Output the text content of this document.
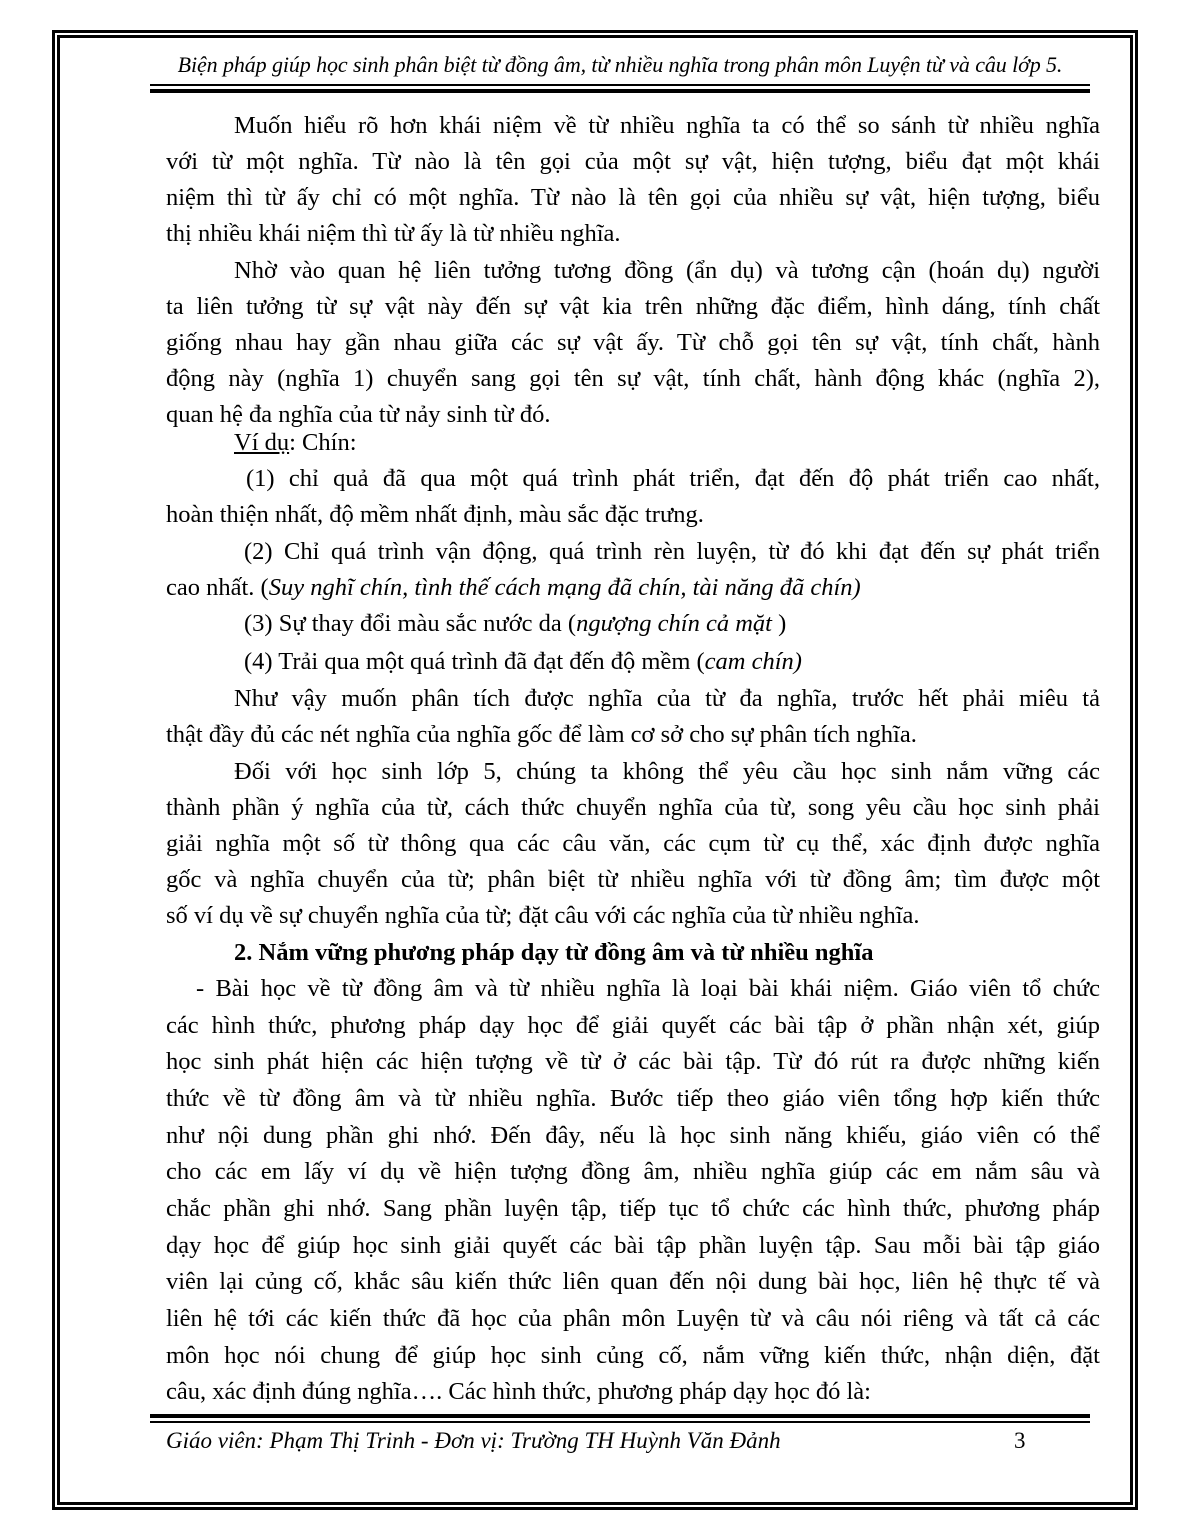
Biện pháp giúp học sinh phân biệt từ đồng âm, từ nhiều nghĩa trong phân môn Luyện từ và câu lớp 5.
Muốn hiểu rõ hơn khái niệm về từ nhiều nghĩa ta có thể so sánh từ nhiều nghĩa
với từ một nghĩa. Từ nào là tên gọi của một sự vật, hiện tượng, biểu đạt một khái
niệm thì từ ấy chỉ có một nghĩa. Từ nào là tên gọi của nhiều sự vật, hiện tượng, biểu
thị nhiều khái niệm thì từ ấy là từ nhiều nghĩa.
Nhờ vào quan hệ liên tưởng tương đồng (ẩn dụ) và tương cận (hoán dụ) người
ta liên tưởng từ sự vật này đến sự vật kia trên những đặc điểm, hình dáng, tính chất
giống nhau hay gần nhau giữa các sự vật ấy. Từ chỗ gọi tên sự vật, tính chất, hành
động này (nghĩa 1) chuyển sang gọi tên sự vật, tính chất, hành động khác (nghĩa 2),
quan hệ đa nghĩa của từ nảy sinh từ đó.
Ví dụ: Chín:
(1) chỉ quả đã qua một quá trình phát triển, đạt đến độ phát triển cao nhất,
hoàn thiện nhất, độ mềm nhất định, màu sắc đặc trưng.
(2) Chỉ quá trình vận động, quá trình rèn luyện, từ đó khi đạt đến sự phát triển
cao nhất. (Suy nghĩ chín, tình thế cách mạng đã chín, tài năng đã chín)
(3) Sự thay đổi màu sắc nước da (ngượng chín cả mặt )
(4) Trải qua một quá trình đã đạt đến độ mềm (cam chín)
Như vậy muốn phân tích được nghĩa của từ đa nghĩa, trước hết phải miêu tả
thật đầy đủ các nét nghĩa của nghĩa gốc để làm cơ sở cho sự phân tích nghĩa.
Đối với học sinh lớp 5, chúng ta không thể yêu cầu học sinh nắm vững các
thành phần ý nghĩa của từ, cách thức chuyển nghĩa của từ, song yêu cầu học sinh phải
giải nghĩa một số từ thông qua các câu văn, các cụm từ cụ thể, xác định được nghĩa
gốc và nghĩa chuyển của từ; phân biệt từ nhiều nghĩa với từ đồng âm; tìm được một
số ví dụ về sự chuyển nghĩa của từ; đặt câu với các nghĩa của từ nhiều nghĩa.
2. Nắm vững phương pháp dạy từ đồng âm và từ nhiều nghĩa
- Bài học về từ đồng âm và từ nhiều nghĩa là loại bài khái niệm. Giáo viên tổ chức
các hình thức, phương pháp dạy học để giải quyết các bài tập ở phần nhận xét, giúp
học sinh phát hiện các hiện tượng về từ ở các bài tập. Từ đó rút ra được những kiến
thức về từ đồng âm và từ nhiều nghĩa. Bước tiếp theo giáo viên tổng hợp kiến thức
như nội dung phần ghi nhớ. Đến đây, nếu là học sinh năng khiếu, giáo viên có thể
cho các em lấy ví dụ về hiện tượng đồng âm, nhiều nghĩa giúp các em nắm sâu và
chắc phần ghi nhớ. Sang phần luyện tập, tiếp tục tổ chức các hình thức, phương pháp
dạy học để giúp học sinh giải quyết các bài tập phần luyện tập. Sau mỗi bài tập giáo
viên lại củng cố, khắc sâu kiến thức liên quan đến nội dung bài học, liên hệ thực tế và
liên hệ tới các kiến thức đã học của phân môn Luyện từ và câu nói riêng và tất cả các
môn học nói chung để giúp học sinh củng cố, nắm vững kiến thức, nhận diện, đặt
câu, xác định đúng nghĩa…. Các hình thức, phương pháp dạy học đó là:
Giáo viên: Phạm Thị Trinh - Đơn vị: Trường TH Huỳnh Văn Đảnh	3
